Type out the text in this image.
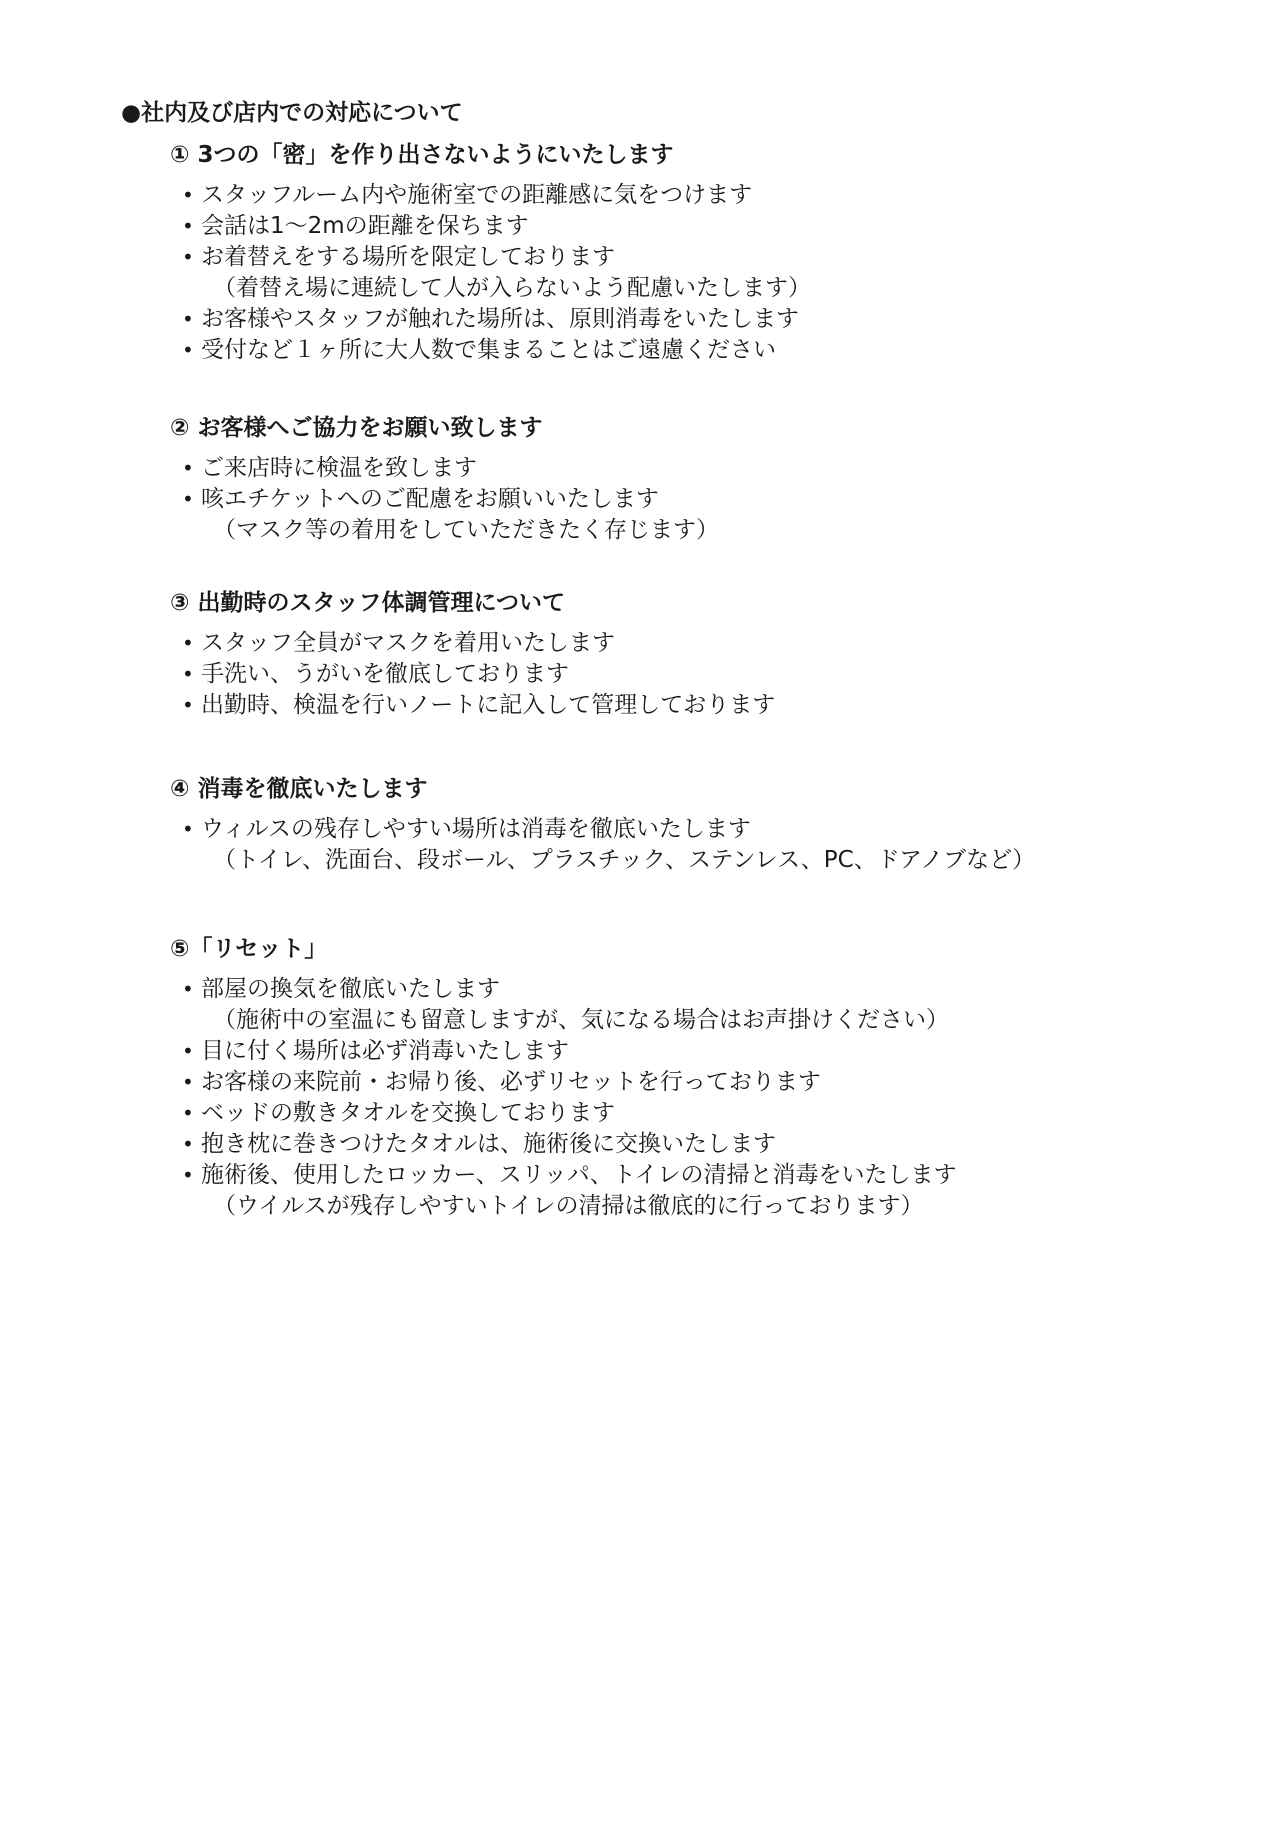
●社内及び店内での対応について
① 3つの「密」を作り出さないようにいたします
• スタッフルーム内や施術室での距離感に気をつけます
• 会話は1～2mの距離を保ちます
• お着替えをする場所を限定しております
（着替え場に連続して人が入らないよう配慮いたします）
• お客様やスタッフが触れた場所は、原則消毒をいたします
• 受付など１ヶ所に大人数で集まることはご遠慮ください
② お客様へご協力をお願い致します
• ご来店時に検温を致します
• 咳エチケットへのご配慮をお願いいたします
（マスク等の着用をしていただきたく存じます）
③ 出勤時のスタッフ体調管理について
• スタッフ全員がマスクを着用いたします
• 手洗い、うがいを徹底しております
• 出勤時、検温を行いノートに記入して管理しております
④ 消毒を徹底いたします
• ウィルスの残存しやすい場所は消毒を徹底いたします
（トイレ、洗面台、段ボール、プラスチック、ステンレス、PC、ドアノブなど）
⑤「リセット」
• 部屋の換気を徹底いたします
（施術中の室温にも留意しますが、気になる場合はお声掛けください）
• 目に付く場所は必ず消毒いたします
• お客様の来院前・お帰り後、必ずリセットを行っております
• ベッドの敷きタオルを交換しております
• 抱き枕に巻きつけたタオルは、施術後に交換いたします
• 施術後、使用したロッカー、スリッパ、トイレの清掃と消毒をいたします
（ウイルスが残存しやすいトイレの清掃は徹底的に行っております）
